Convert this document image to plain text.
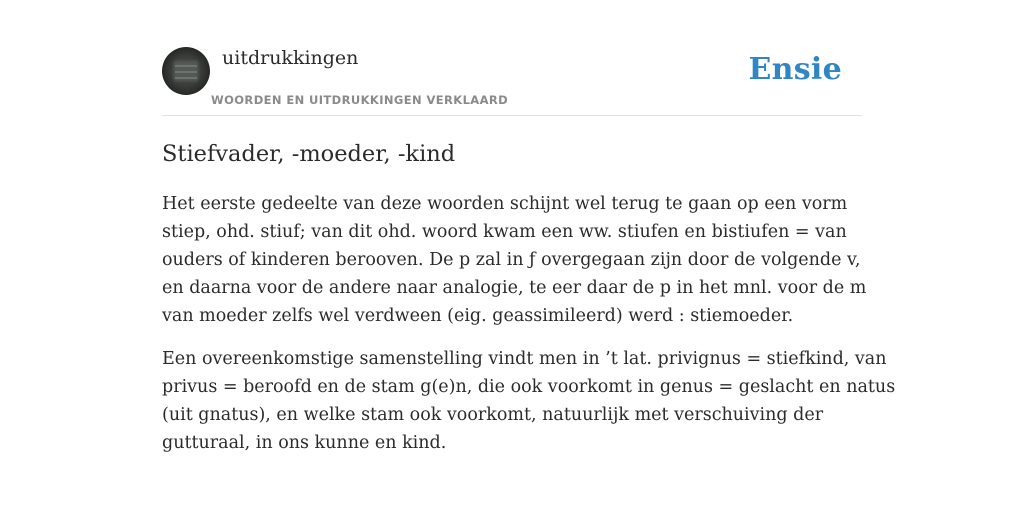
uitdrukkingen
WOORDEN EN UITDRUKKINGEN VERKLAARD
Ensie
Stiefvader, -moeder, -kind

Het eerste gedeelte van deze woorden schijnt wel terug te gaan op een vorm
stiep, ohd. stiuf; van dit ohd. woord kwam een ww. stiufen en bistiufen = van
ouders of kinderen berooven. De p zal in ƒ overgegaan zijn door de volgende v,
en daarna voor de andere naar analogie, te eer daar de p in het mnl. voor de m
van moeder zelfs wel verdween (eig. geassimileerd) werd : stiemoeder.

Een overeenkomstige samenstelling vindt men in ’t lat. privignus = stiefkind, van
privus = beroofd en de stam g(e)n, die ook voorkomt in genus = geslacht en natus
(uit gnatus), en welke stam ook voorkomt, natuurlijk met verschuiving der
gutturaal, in ons kunne en kind.
